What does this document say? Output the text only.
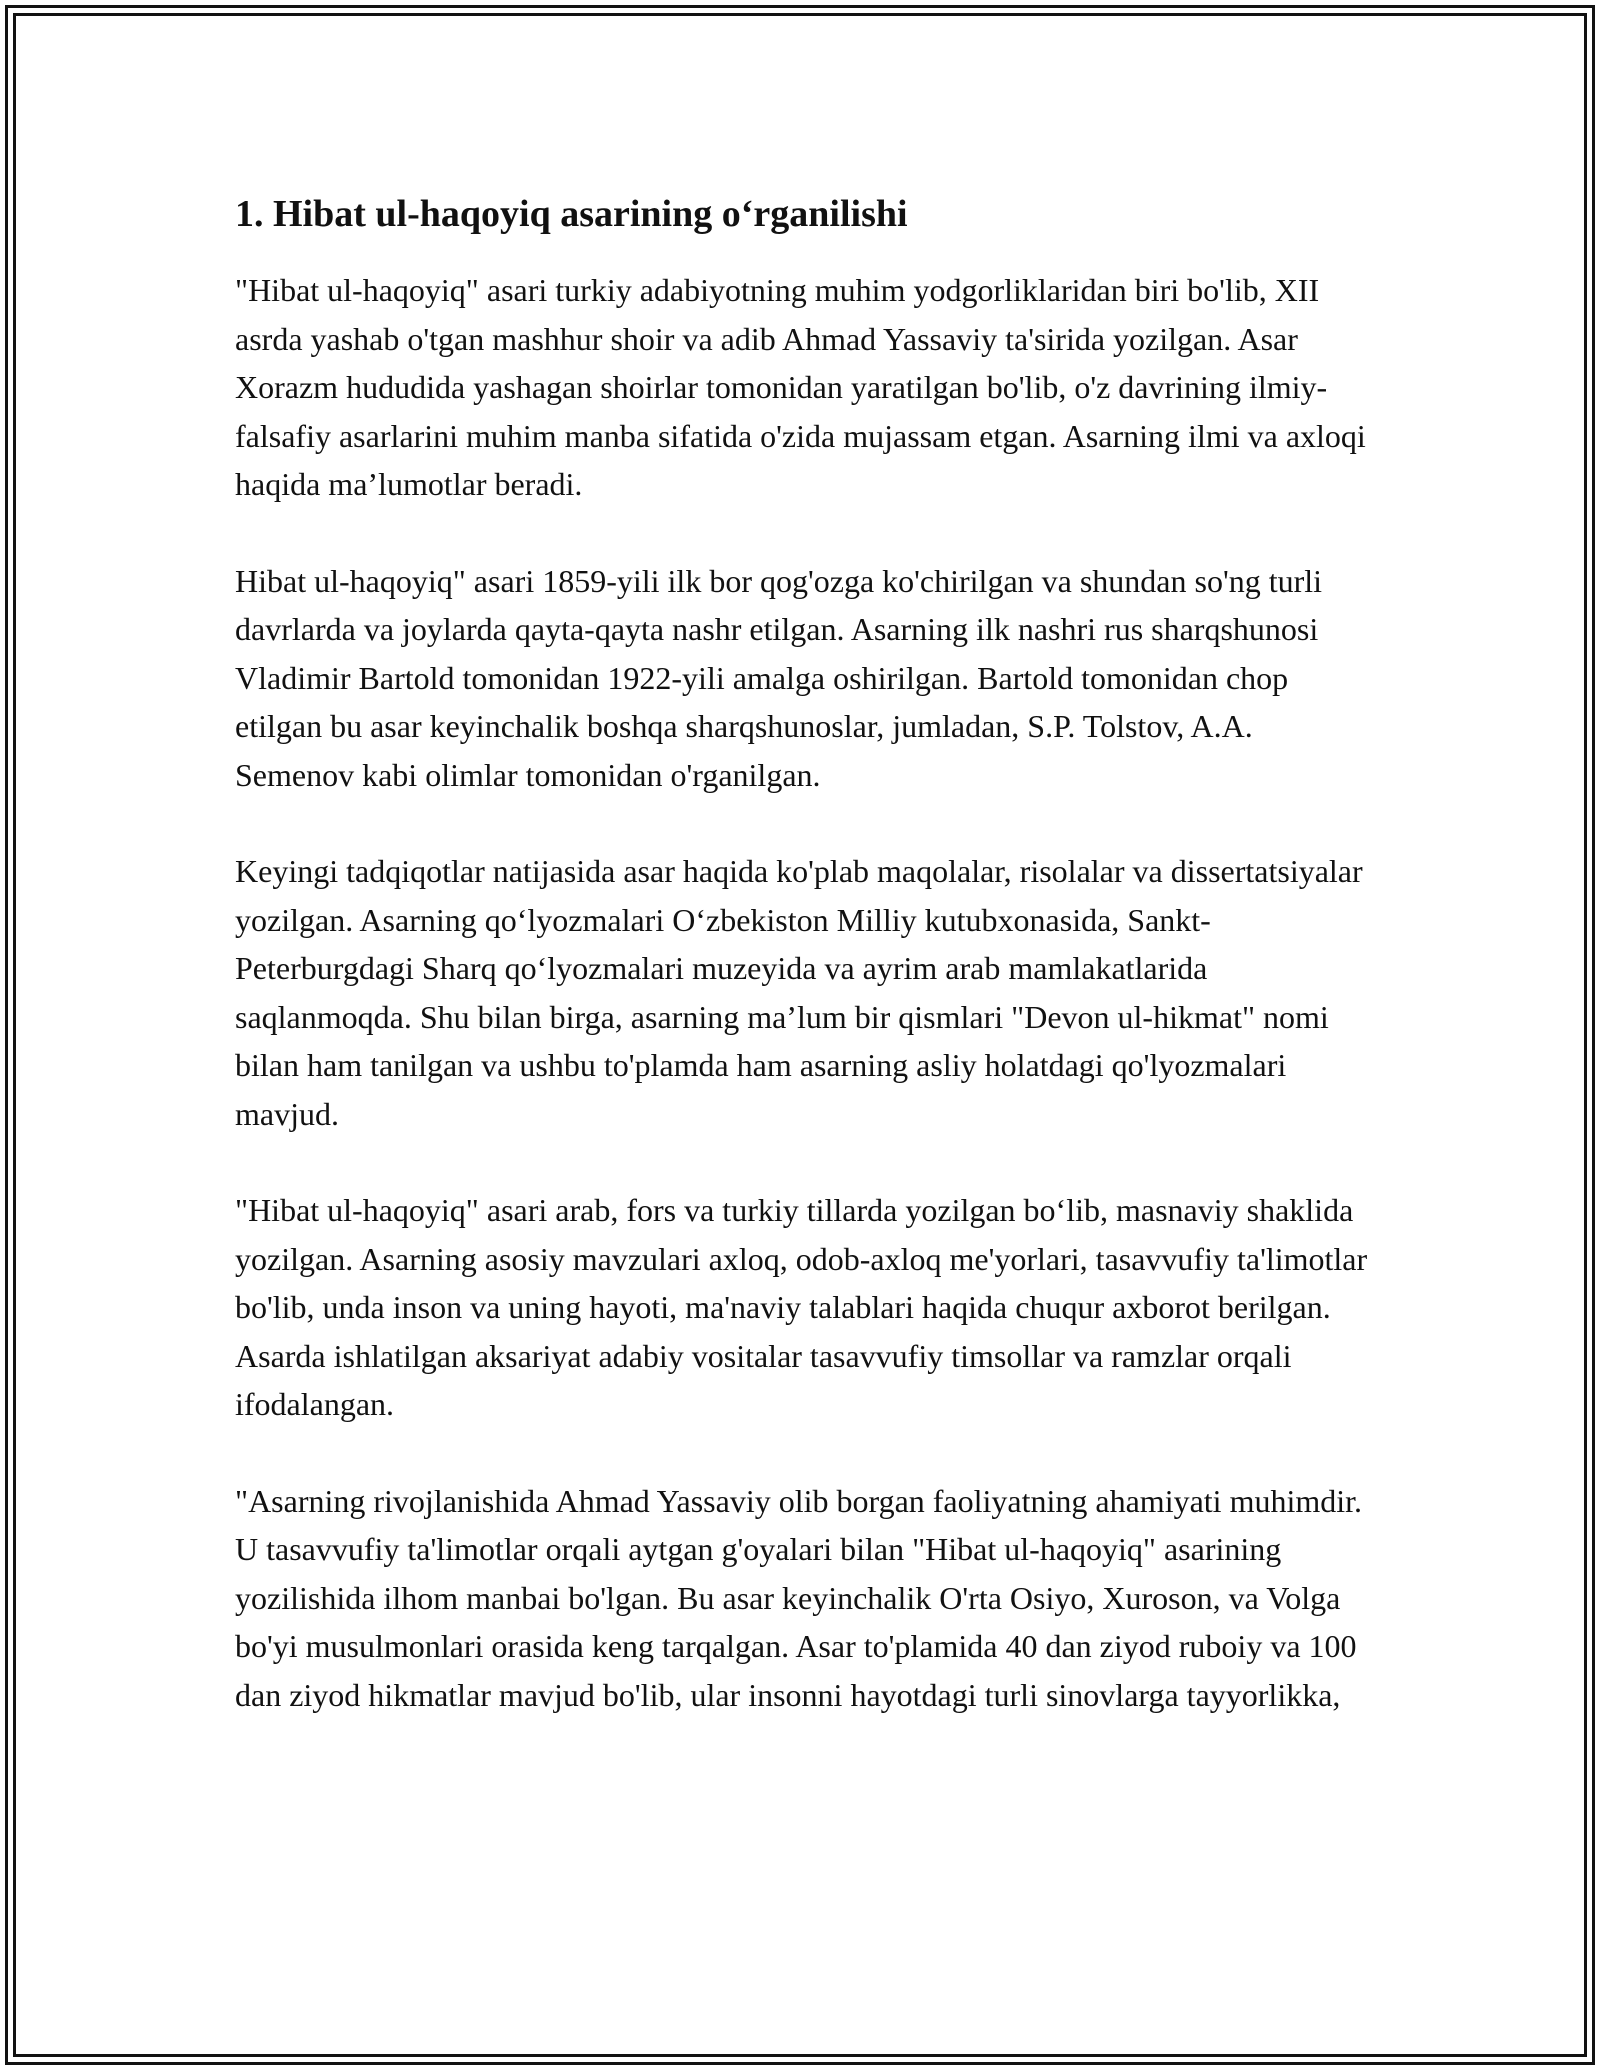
1. Hibat ul-haqoyiq asarining o‘rganilishi

"Hibat ul-haqoyiq" asari turkiy adabiyotning muhim yodgorliklaridan biri bo'lib, XII asrda yashab o'tgan mashhur shoir va adib Ahmad Yassaviy ta'sirida yozilgan. Asar Xorazm hududida yashagan shoirlar tomonidan yaratilgan bo'lib, o'z davrining ilmiy-falsafiy asarlarini muhim manba sifatida o'zida mujassam etgan. Asarning ilmi va axloqi haqida ma’lumotlar beradi.

Hibat ul-haqoyiq" asari 1859-yili ilk bor qog'ozga ko'chirilgan va shundan so'ng turli davrlarda va joylarda qayta-qayta nashr etilgan. Asarning ilk nashri rus sharqshunosi Vladimir Bartold tomonidan 1922-yili amalga oshirilgan. Bartold tomonidan chop etilgan bu asar keyinchalik boshqa sharqshunoslar, jumladan, S.P. Tolstov, A.A. Semenov kabi olimlar tomonidan o'rganilgan.

Keyingi tadqiqotlar natijasida asar haqida ko'plab maqolalar, risolalar va dissertatsiyalar yozilgan. Asarning qo‘lyozmalari O‘zbekiston Milliy kutubxonasida, Sankt-Peterburgdagi Sharq qo‘lyozmalari muzeyida va ayrim arab mamlakatlarida saqlanmoqda. Shu bilan birga, asarning ma’lum bir qismlari "Devon ul-hikmat" nomi bilan ham tanilgan va ushbu to'plamda ham asarning asliy holatdagi qo'lyozmalari mavjud.

"Hibat ul-haqoyiq" asari arab, fors va turkiy tillarda yozilgan bo‘lib, masnaviy shaklida yozilgan. Asarning asosiy mavzulari axloq, odob-axloq me'yorlari, tasavvufiy ta'limotlar bo'lib, unda inson va uning hayoti, ma'naviy talablari haqida chuqur axborot berilgan. Asarda ishlatilgan aksariyat adabiy vositalar tasavvufiy timsollar va ramzlar orqali ifodalangan.

"Asarning rivojlanishida Ahmad Yassaviy olib borgan faoliyatning ahamiyati muhimdir. U tasavvufiy ta'limotlar orqali aytgan g'oyalari bilan "Hibat ul-haqoyiq" asarining yozilishida ilhom manbai bo'lgan. Bu asar keyinchalik O'rta Osiyo, Xuroson, va Volga bo'yi musulmonlari orasida keng tarqalgan. Asar to'plamida 40 dan ziyod ruboiy va 100 dan ziyod hikmatlar mavjud bo'lib, ular insonni hayotdagi turli sinovlarga tayyorlikka,
